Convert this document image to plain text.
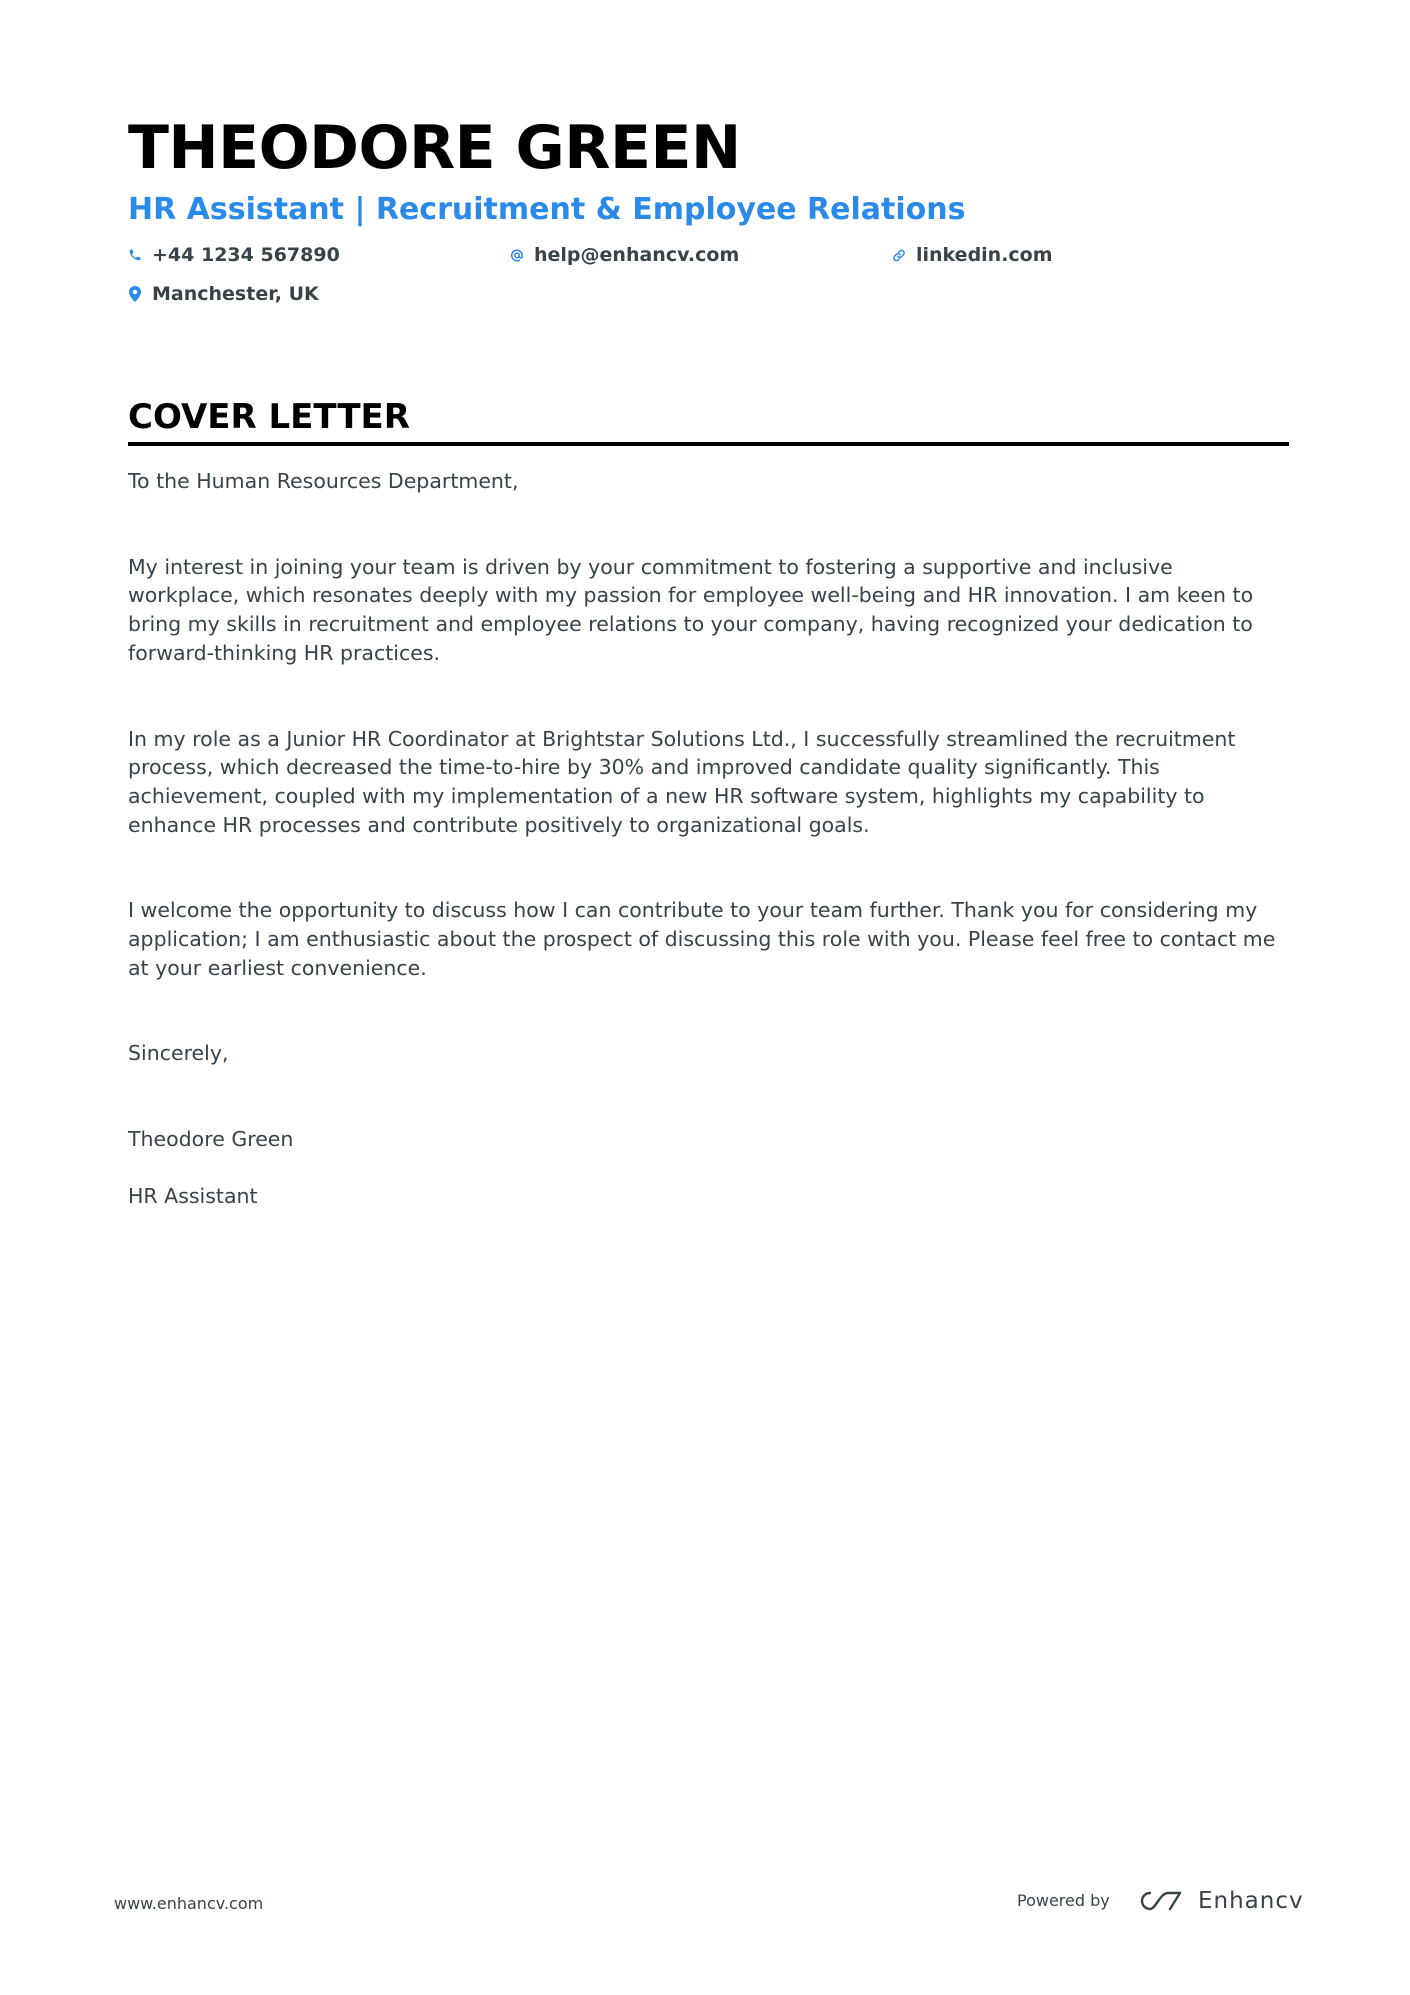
THEODORE GREEN
HR Assistant | Recruitment & Employee Relations
+44 1234 567890	help@enhancv.com	linkedin.com
Manchester, UK
COVER LETTER

To the Human Resources Department,

My interest in joining your team is driven by your commitment to fostering a supportive and inclusive workplace, which resonates deeply with my passion for employee well-being and HR innovation. I am keen to bring my skills in recruitment and employee relations to your company, having recognized your dedication to forward-thinking HR practices.

In my role as a Junior HR Coordinator at Brightstar Solutions Ltd., I successfully streamlined the recruitment process, which decreased the time-to-hire by 30% and improved candidate quality significantly. This achievement, coupled with my implementation of a new HR software system, highlights my capability to enhance HR processes and contribute positively to organizational goals.

I welcome the opportunity to discuss how I can contribute to your team further. Thank you for considering my application; I am enthusiastic about the prospect of discussing this role with you. Please feel free to contact me at your earliest convenience.

Sincerely,

Theodore Green

HR Assistant

www.enhancv.com	Powered by	Enhancv
